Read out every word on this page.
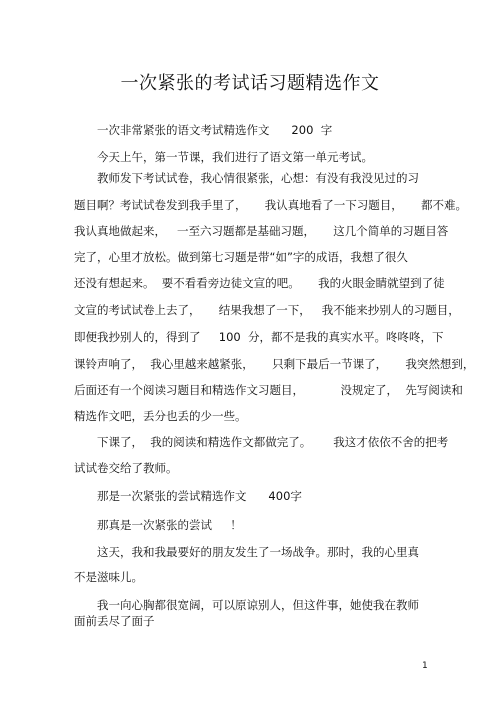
一次紧张的考试话习题精选作文
一次非常紧张的语文考试精选作文      200  字
今天上午，第一节课，我们进行了语文第一单元考试。
教师发下考试试卷，我心情很紧张，心想：有没有我没见过的习
题目啊？考试试卷发到我手里了，     我认真地看了一下习题目，     都不难。
我认真地做起来，   一至六习题都是基础习题，     这几个简单的习题目答
完了，心里才放松。做到第七习题是带“如”字的成语，我想了很久
还没有想起来。  要不看看旁边徒文宣的吧。     我的火眼金睛就望到了徒
文宣的考试试卷上去了，     结果我想了一下，   我不能来抄别人的习题目，
即便我抄别人的，得到了     100  分，都不是我的真实水平。咚咚咚，下
课铃声响了，  我心里越来越紧张，     只剩下最后一节课了，     我突然想到，
后面还有一个阅读习题目和精选作文习题目，          没规定了，  先写阅读和
精选作文吧，丢分也丢的少一些。
下课了，  我的阅读和精选作文都做完了。      我这才依依不舍的把考
试试卷交给了教师。
那是一次紧张的尝试精选作文      400字
那真是一次紧张的尝试     ！
这天，我和我最要好的朋友发生了一场战争。那时，我的心里真
不是滋味儿。
我一向心胸都很宽阔，可以原谅别人，但这件事，她使我在教师
面前丢尽了面子
1
